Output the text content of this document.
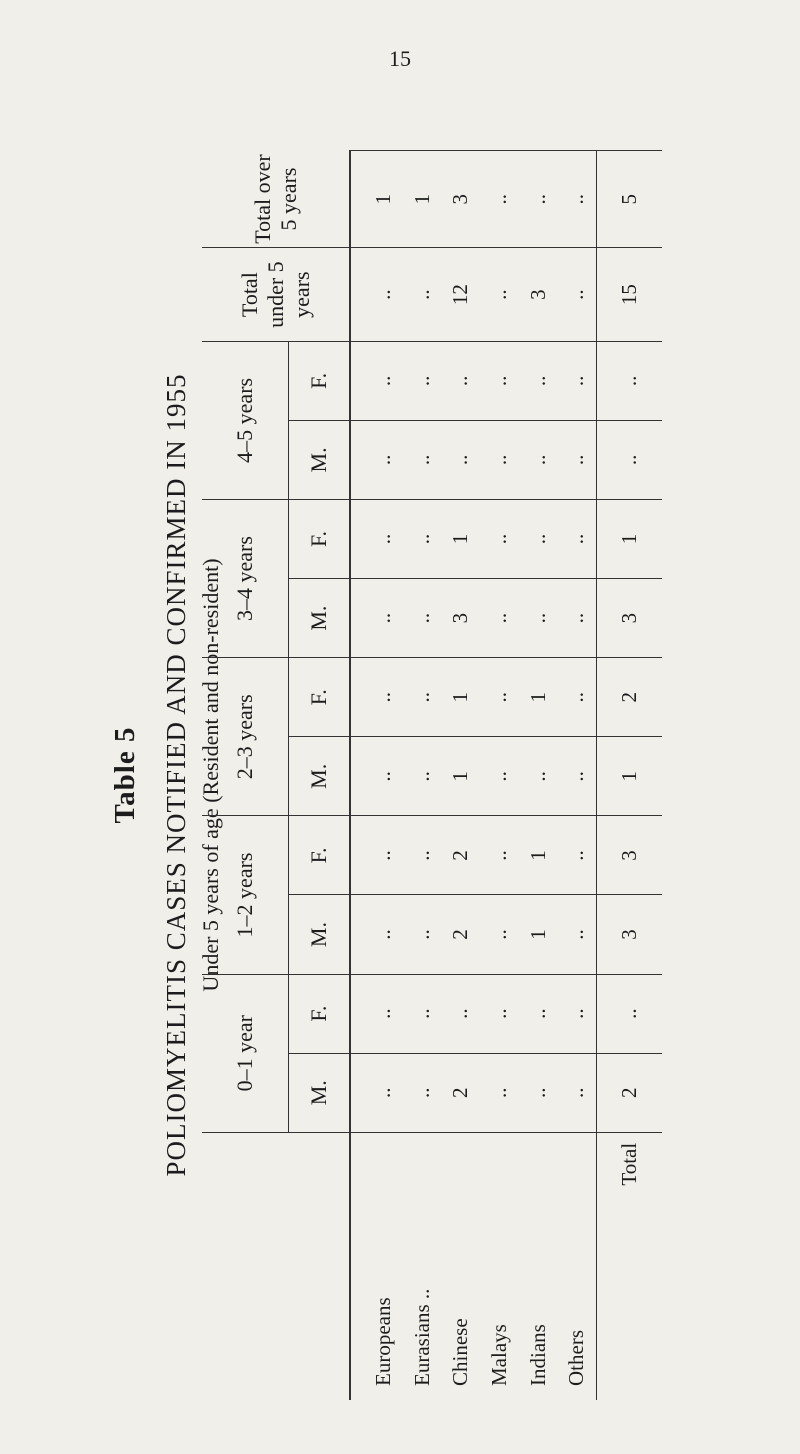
15
Table 5 POLIOMYELITIS CASES NOTIFIED AND CONFIRMED IN 1955 Under 5 years of age (Resident and non-resident)
	0–1 year		1–2 years		2–3 years		3–4 years		4–5 years		Total under 5 years	Total over 5 years
	M.	F.	M.	F.	M.	F.	M.	F.	M.	F.		

Europeans	..	..	..	..	..	..	..	..	..	..	..	1
Eurasians ..	..	..	..	..	..	..	..	..	..	..	..	1
Chinese	2	..	2	2	1	1	3	1	..	..	12	3
Malays	..	..	..	..	..	..	..	..	..	..	..	..
Indians	..	..	1	1	..	1	..	..	..	..	3	..
Others	..	..	..	..	..	..	..	..	..	..	..	..
Total	2	..	3	3	1	2	3	1	..	..	15	5
